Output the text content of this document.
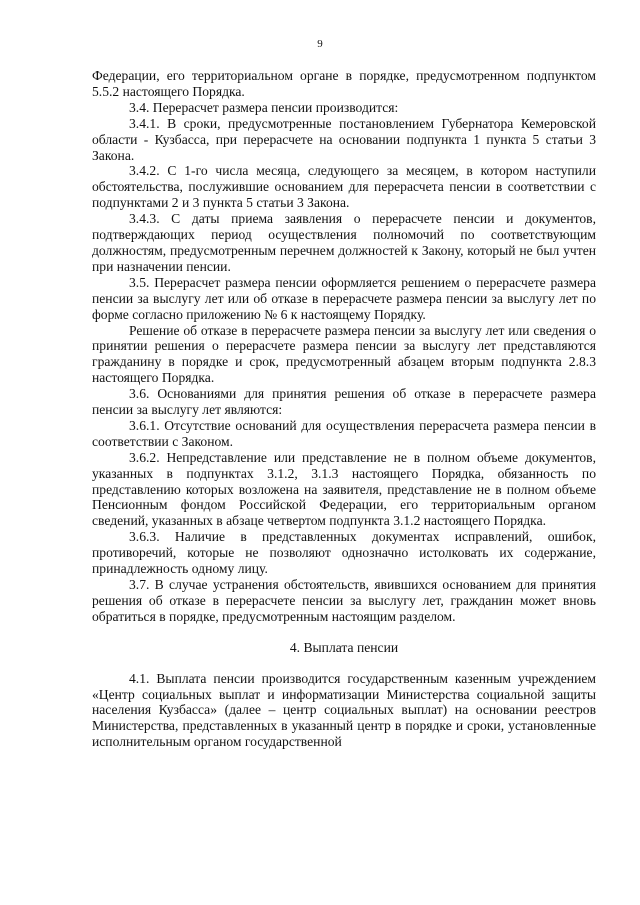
9

Федерации, его территориальном органе в порядке, предусмотренном подпунктом 5.5.2 настоящего Порядка.

3.4. Перерасчет размера пенсии производится:

3.4.1. В сроки, предусмотренные постановлением Губернатора Кемеровской области - Кузбасса, при перерасчете на основании подпункта 1 пункта 5 статьи 3 Закона.

3.4.2. С 1-го числа месяца, следующего за месяцем, в котором наступили обстоятельства, послужившие основанием для перерасчета пенсии в соответствии с подпунктами 2 и 3 пункта 5 статьи 3 Закона.

3.4.3. С даты приема заявления о перерасчете пенсии и документов, подтверждающих период осуществления полномочий по соответствующим должностям, предусмотренным перечнем должностей к Закону, который не был учтен при назначении пенсии.

3.5. Перерасчет размера пенсии оформляется решением о перерасчете размера пенсии за выслугу лет или об отказе в перерасчете размера пенсии за выслугу лет по форме согласно приложению № 6 к настоящему Порядку.

Решение об отказе в перерасчете размера пенсии за выслугу лет или сведения о принятии решения о перерасчете размера пенсии за выслугу лет представляются гражданину в порядке и срок, предусмотренный абзацем вторым подпункта 2.8.3 настоящего Порядка.

3.6. Основаниями для принятия решения об отказе в перерасчете размера пенсии за выслугу лет являются:

3.6.1. Отсутствие оснований для осуществления перерасчета размера пенсии в соответствии с Законом.

3.6.2. Непредставление или представление не в полном объеме документов, указанных в подпунктах 3.1.2, 3.1.3 настоящего Порядка, обязанность по представлению которых возложена на заявителя, представление не в полном объеме Пенсионным фондом Российской Федерации, его территориальным органом сведений, указанных в абзаце четвертом подпункта 3.1.2 настоящего Порядка.

3.6.3. Наличие в представленных документах исправлений, ошибок, противоречий, которые не позволяют однозначно истолковать их содержание, принадлежность одному лицу.

3.7. В случае устранения обстоятельств, явившихся основанием для принятия решения об отказе в перерасчете пенсии за выслугу лет, гражданин может вновь обратиться в порядке, предусмотренным настоящим разделом.

4. Выплата пенсии

4.1. Выплата пенсии производится государственным казенным учреждением «Центр социальных выплат и информатизации Министерства социальной защиты населения Кузбасса» (далее – центр социальных выплат) на основании реестров Министерства, представленных в указанный центр в порядке и сроки, установленные исполнительным органом государственной
